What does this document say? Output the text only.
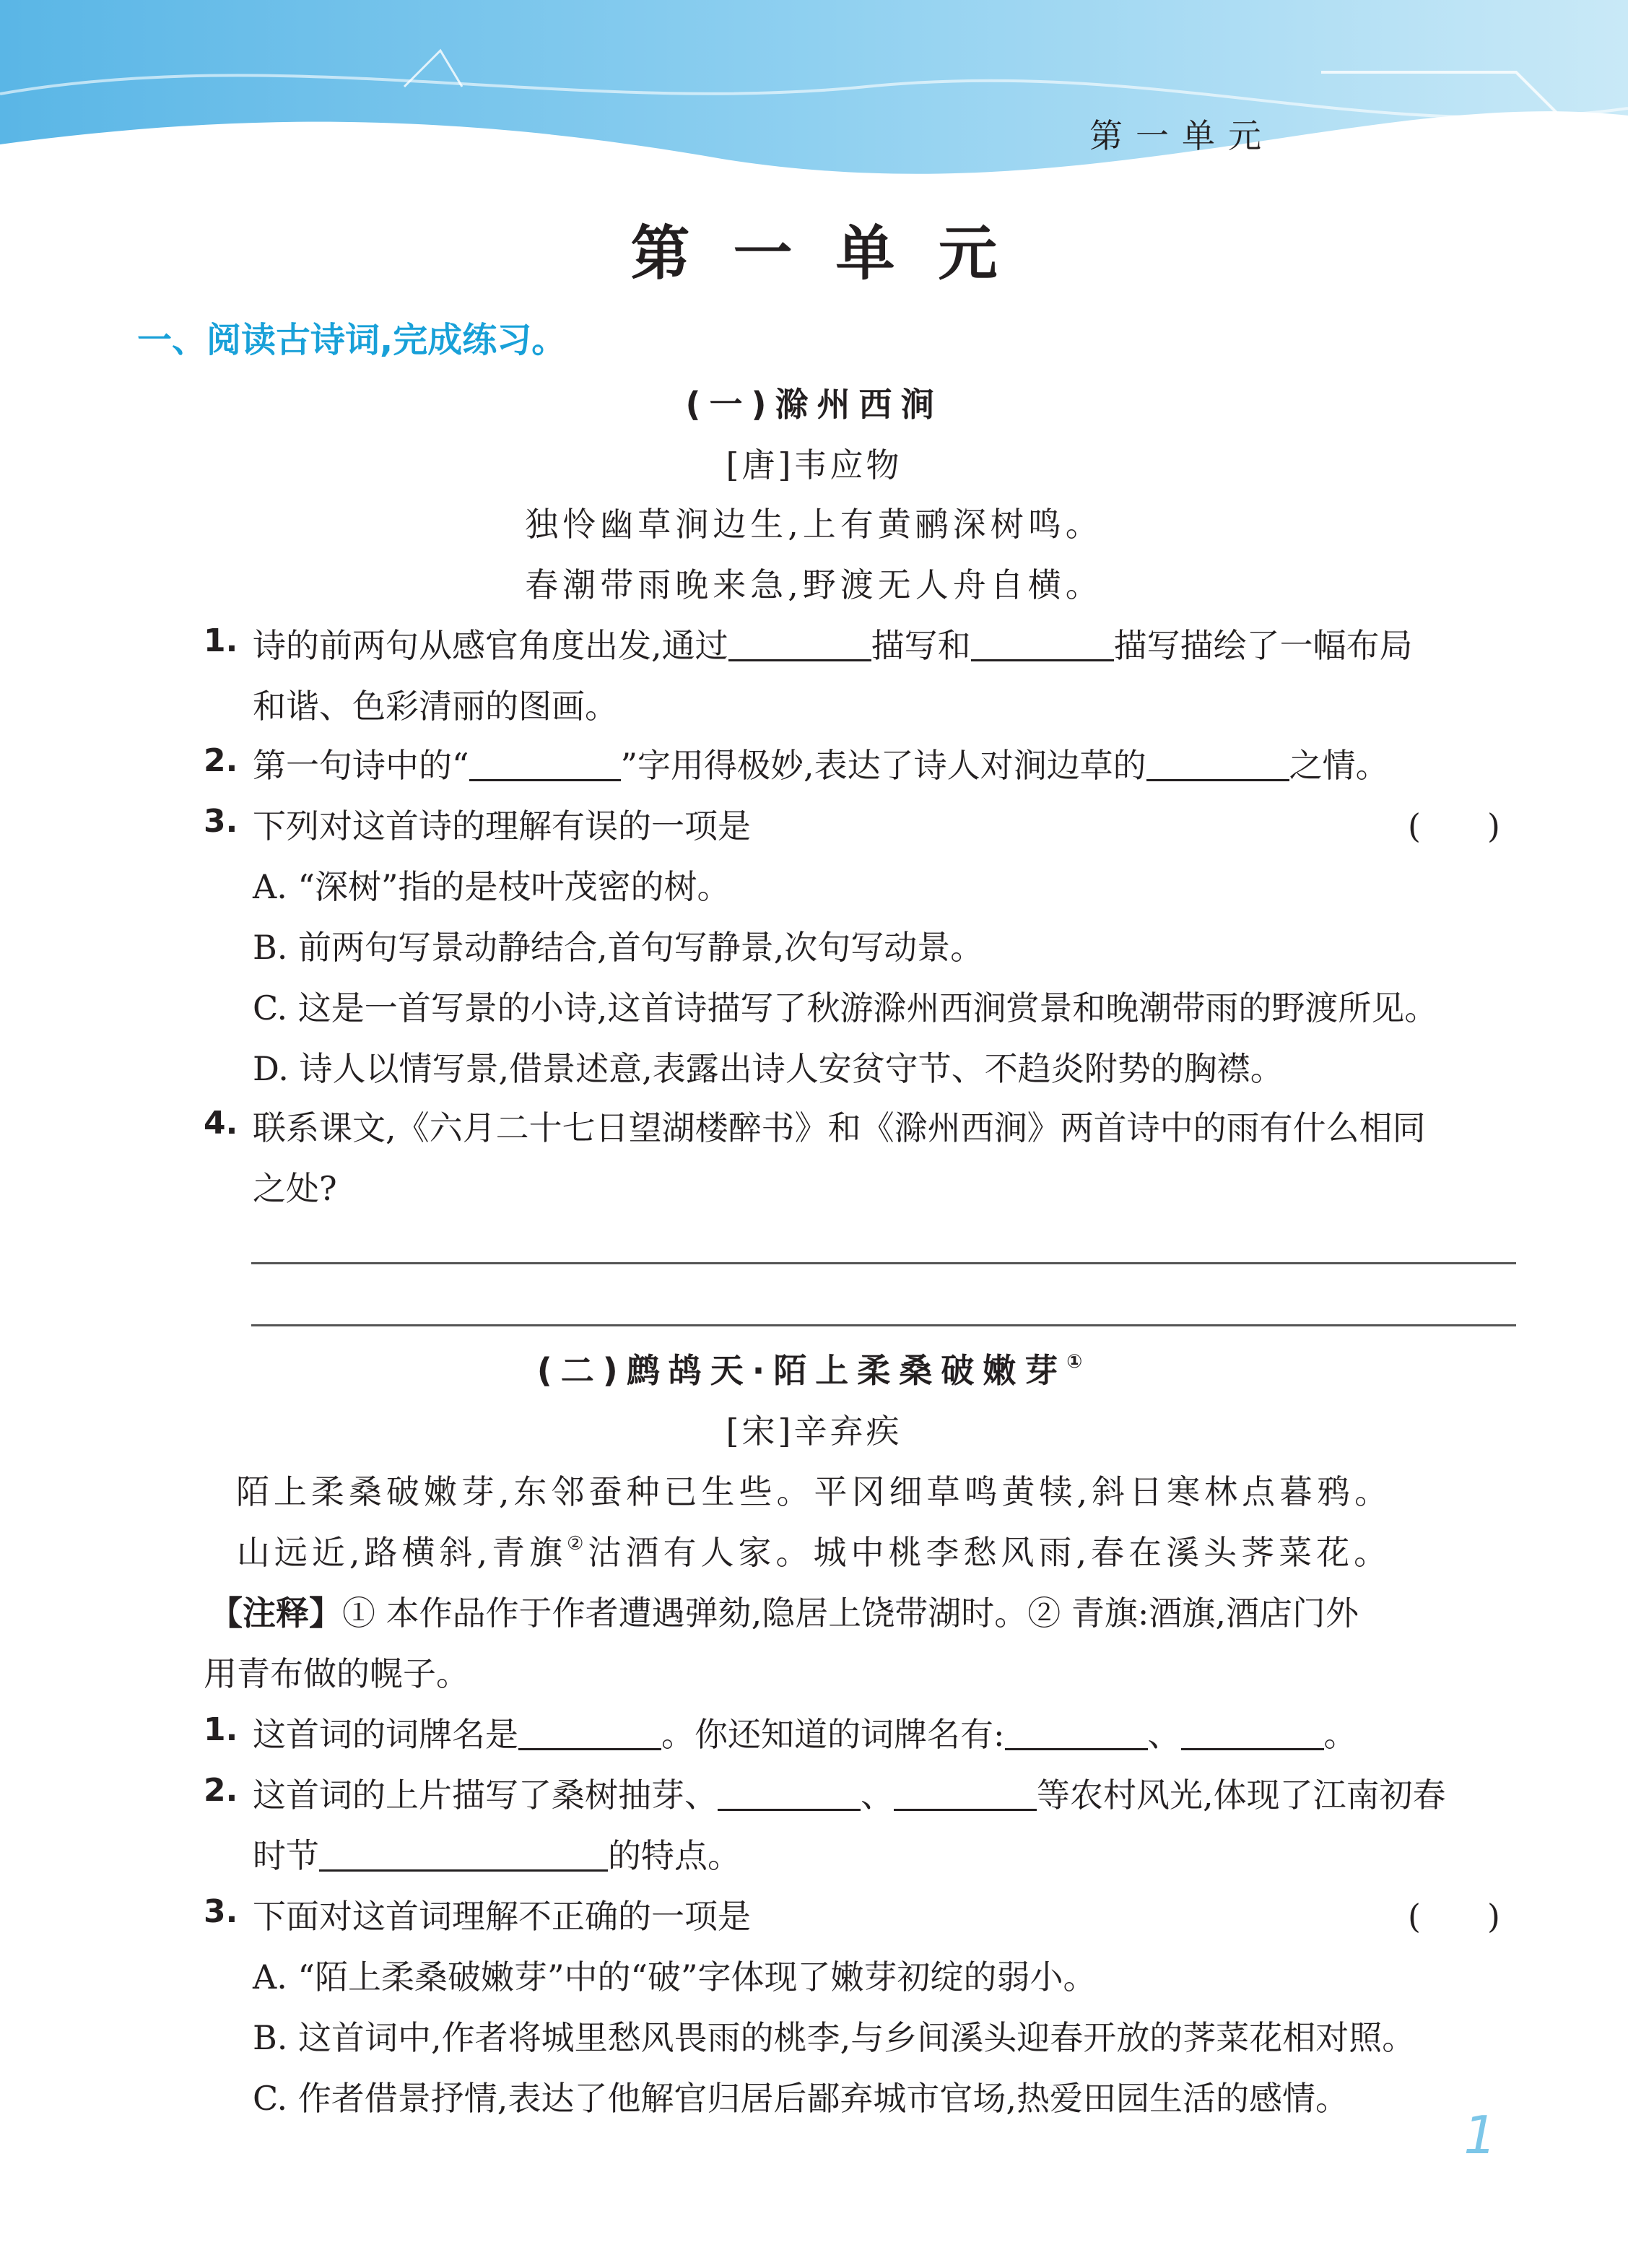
第一单元
第一单元
一、阅读古诗词,完成练习。
(一)滁州西涧
[唐]韦应物
独怜幽草涧边生,上有黄鹂深树鸣。
春潮带雨晚来急,野渡无人舟自横。
1. 诗的前两句从感官角度出发,通过	描写和	描写描绘了一幅布局
和谐、色彩清丽的图画。
2. 第一句诗中的“	”字用得极妙,表达了诗人对涧边草的	之情。
3. 下列对这首诗的理解有误的一项是	(　　)
A. “深树”指的是枝叶茂密的树。
B. 前两句写景动静结合,首句写静景,次句写动景。
C. 这是一首写景的小诗,这首诗描写了秋游滁州西涧赏景和晚潮带雨的野渡所见。
D. 诗人以情写景,借景述意,表露出诗人安贫守节、不趋炎附势的胸襟。
4. 联系课文,《六月二十七日望湖楼醉书》和《滁州西涧》两首诗中的雨有什么相同
之处?
(二)鹧鸪天·陌上柔桑破嫩芽①
[宋]辛弃疾
陌上柔桑破嫩芽,东邻蚕种已生些。平冈细草鸣黄犊,斜日寒林点暮鸦。
山远近,路横斜,青旗②沽酒有人家。城中桃李愁风雨,春在溪头荠菜花。
【注释】① 本作品作于作者遭遇弹劾,隐居上饶带湖时。② 青旗:酒旗,酒店门外
用青布做的幌子。
1. 这首词的词牌名是	。你还知道的词牌名有:	、	。
2. 这首词的上片描写了桑树抽芽、	、	等农村风光,体现了江南初春
时节	的特点。
3. 下面对这首词理解不正确的一项是	(　　)
A. “陌上柔桑破嫩芽”中的“破”字体现了嫩芽初绽的弱小。
B. 这首词中,作者将城里愁风畏雨的桃李,与乡间溪头迎春开放的荠菜花相对照。
C. 作者借景抒情,表达了他解官归居后鄙弃城市官场,热爱田园生活的感情。
1
